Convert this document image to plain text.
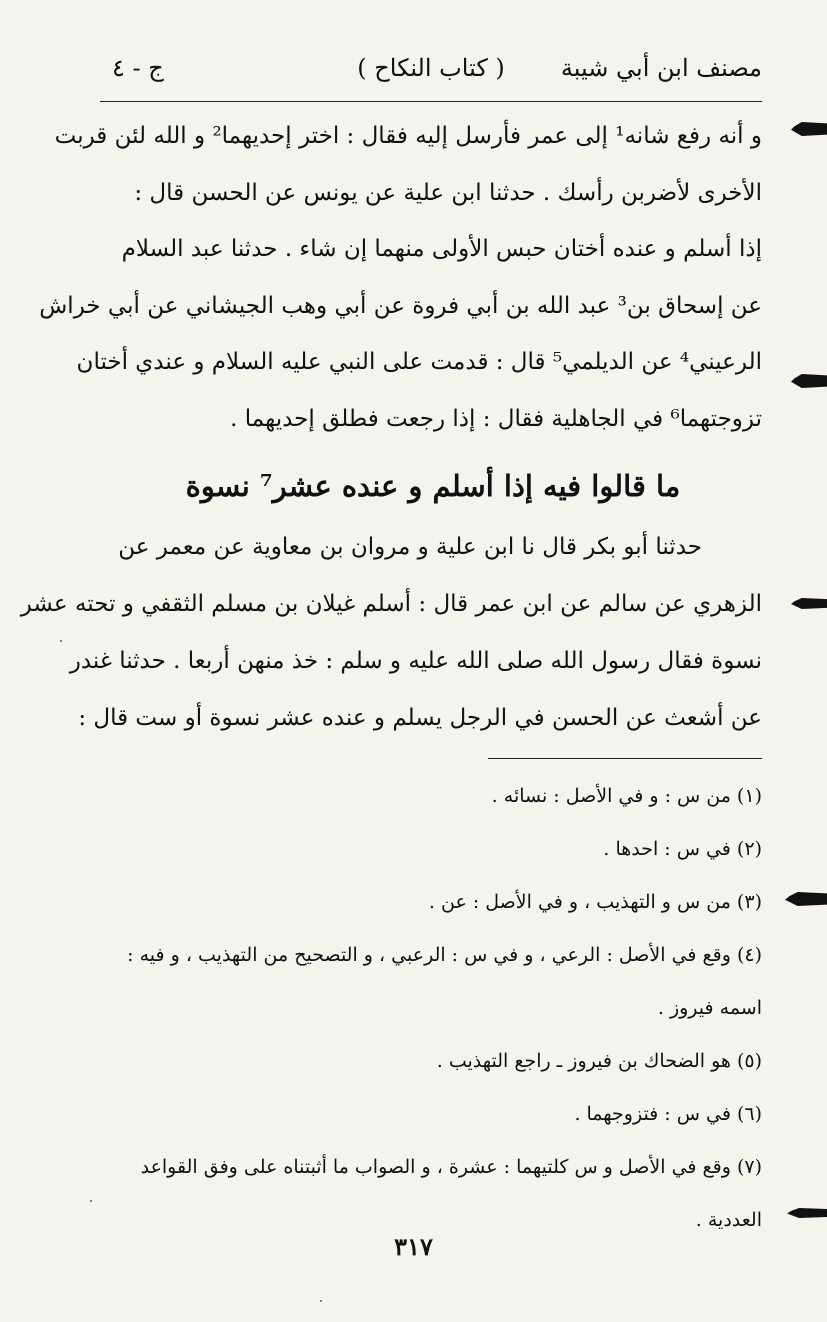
مصنف ابن أبي شيبة
( كتاب النكاح )
ج - ٤
و أنه رفع شانه¹ إلى عمر فأرسل إليه فقال : اختر إحديهما² و الله لئن قربت
الأخرى لأضربن رأسك . حدثنا ابن علية عن يونس عن الحسن قال :
إذا أسلم و عنده أختان حبس الأولى منهما إن شاء . حدثنا عبد السلام
عن إسحاق بن³ عبد الله بن أبي فروة عن أبي وهب الجيشاني عن أبي خراش
الرعيني⁴ عن الديلمي⁵ قال : قدمت على النبي عليه السلام و عندي أختان
تزوجتهما⁶ في الجاهلية فقال : إذا رجعت فطلق إحديهما .
ما قالوا فيه إذا أسلم و عنده عشر⁷ نسوة
حدثنا أبو بكر قال نا ابن علية و مروان بن معاوية عن معمر عن
الزهري عن سالم عن ابن عمر قال : أسلم غيلان بن مسلم الثقفي و تحته عشر
نسوة فقال رسول الله صلى الله عليه و سلم : خذ منهن أربعا . حدثنا غندر
عن أشعث عن الحسن في الرجل يسلم و عنده عشر نسوة أو ست قال :
(١) من س : و في الأصل : نسائه .
(٢) في س : احدها .
(٣) من س و التهذيب ، و في الأصل : عن .
(٤) وقع في الأصل : الرعي ، و في س : الرعبي ، و التصحيح من التهذيب ، و فيه :
اسمه فيروز .
(٥) هو الضحاك بن فيروز ـ راجع التهذيب .
(٦) في س : فتزوجهما .
(٧) وقع في الأصل و س كلتيهما : عشرة ، و الصواب ما أثبتناه على وفق القواعد
العددية .
٣١٧
